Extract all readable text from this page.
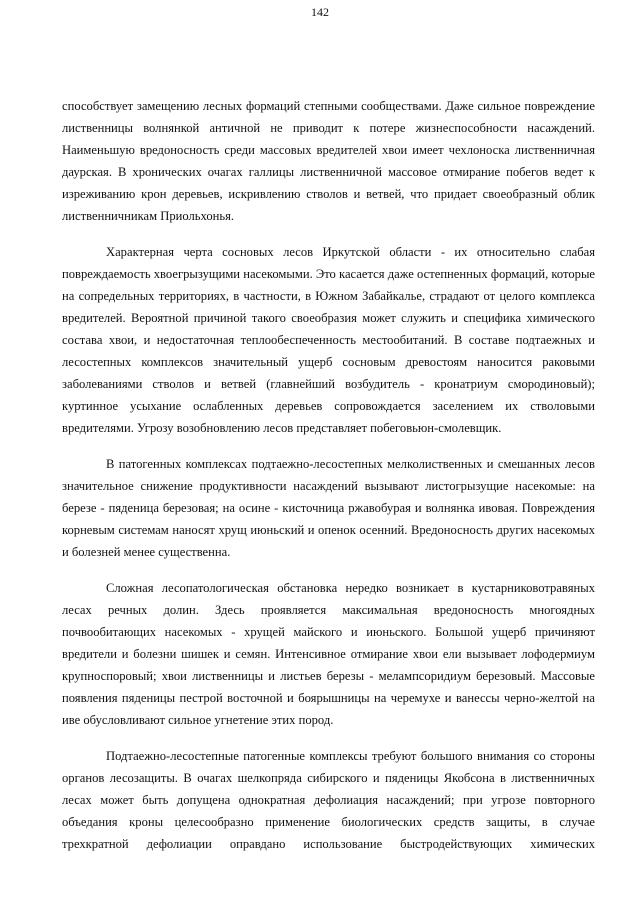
142

способствует замещению лесных формаций степными сообществами. Даже сильное повреждение лиственницы волнянкой античной не приводит к потере жизнеспособности насаждений. Наименьшую вредоносность среди массовых вредителей хвои имеет чехлоноска лиственничная даурская. В хронических очагах галлицы лиственничной массовое отмирание побегов ведет к изреживанию крон деревьев, искривлению стволов и ветвей, что придает своеобразный облик лиственничникам Приольхонья.

Характерная черта сосновых лесов Иркутской области - их относительно слабая повреждаемость хвоегрызущими насекомыми. Это касается даже остепненных формаций, которые на сопредельных территориях, в частности, в Южном Забайкалье, страдают от целого комплекса вредителей. Вероятной причиной такого своеобразия может служить и специфика химического состава хвои, и недостаточная теплообеспеченность местообитаний. В составе подтаежных и лесостепных комплексов значительный ущерб сосновым древостоям наносится раковыми заболеваниями стволов и ветвей (главнейший возбудитель - кронатриум смородиновый); куртинное усыхание ослабленных деревьев сопровождается заселением их стволовыми вредителями. Угрозу возобновлению лесов представляет побеговьюн-смолевщик.

В патогенных комплексах подтаежно-лесостепных мелколиственных и смешанных лесов значительное снижение продуктивности насаждений вызывают листогрызущие насекомые: на березе - пяденица березовая; на осине - кисточница ржавобурая и волнянка ивовая. Повреждения корневым системам наносят хрущ июньский и опенок осенний. Вредоносность других насекомых и болезней менее существенна.

Сложная лесопатологическая обстановка нередко возникает в кустарниковотравяных лесах речных долин. Здесь проявляется максимальная вредоносность многоядных почвообитающих насекомых - хрущей майского и июньского. Большой ущерб причиняют вредители и болезни шишек и семян. Интенсивное отмирание хвои ели вызывает лофодермиум крупноспоровый; хвои лиственницы и листьев березы - мелампсоридиум березовый. Массовые появления пяденицы пестрой восточной и боярышницы на черемухе и ванессы черно-желтой на иве обусловливают сильное угнетение этих пород.

Подтаежно-лесостепные патогенные комплексы требуют большого внимания со стороны органов лесозащиты. В очагах шелкопряда сибирского и пяденицы Якобсона в лиственничных лесах может быть допущена однократная дефолиация насаждений; при угрозе повторного объедания кроны целесообразно применение биологических средств защиты, в случае трехкратной дефолиации оправдано использование быстродействующих химических
